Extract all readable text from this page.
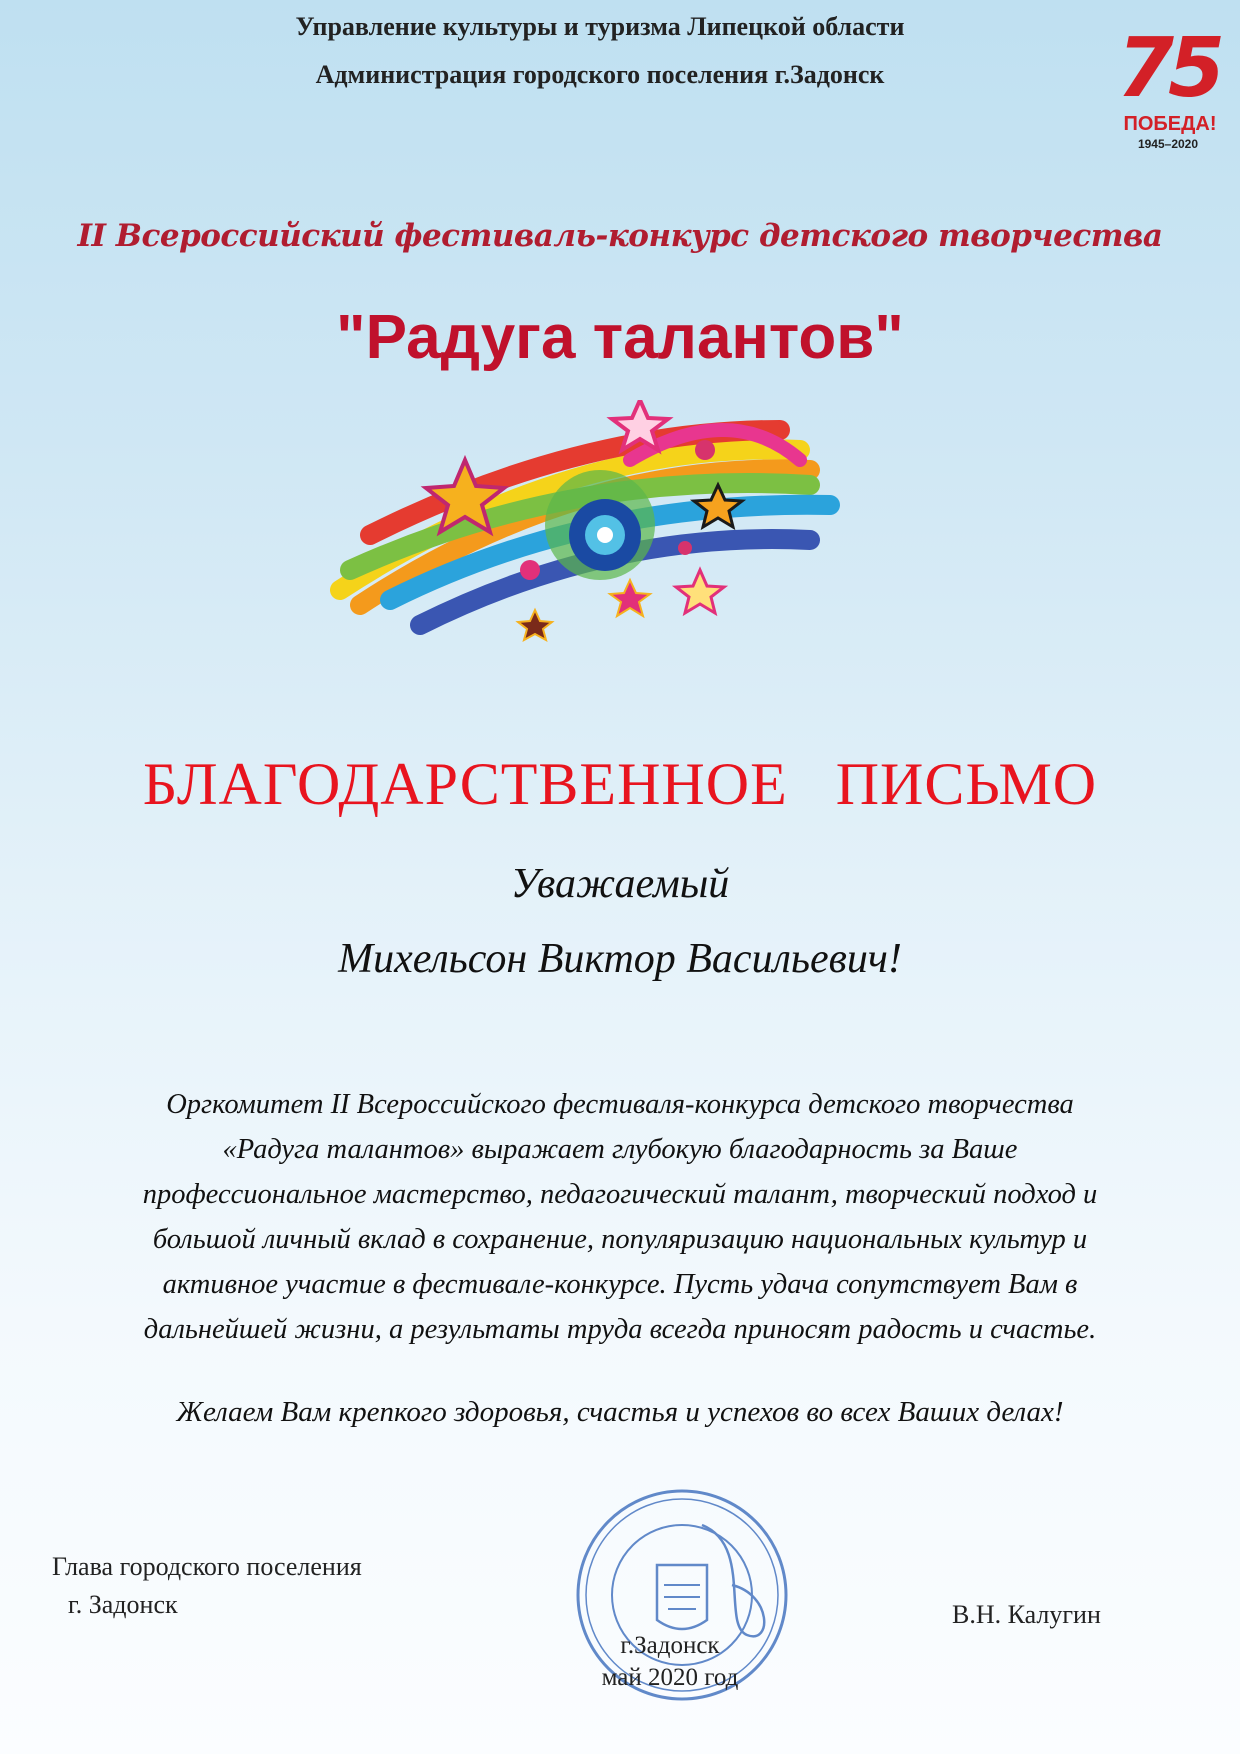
Управление культуры и туризма Липецкой области
Администрация городского поселения г.Задонск	75
ПОБЕДА!
1945–2020
II Всероссийский фестиваль-конкурс детского творчества
"Радуга талантов"
БЛАГОДАРСТВЕННОЕ   ПИСЬМО
Уважаемый
Михельсон Виктор Васильевич!
Оргкомитет II Всероссийского фестиваля-конкурса детского творчества
«Радуга талантов» выражает глубокую благодарность за Ваше
профессиональное мастерство, педагогический талант, творческий подход и
большой личный вклад в сохранение, популяризацию национальных культур и
активное участие в фестивале-конкурсе. Пусть удача сопутствует Вам в
дальнейшей жизни, а результаты труда всегда приносят радость и счастье.
Желаем Вам крепкого здоровья, счастья и успехов во всех Ваших делах!
Глава городского поселения
г. Задонск
г.Задонск
май 2020 год
В.Н. Калугин
